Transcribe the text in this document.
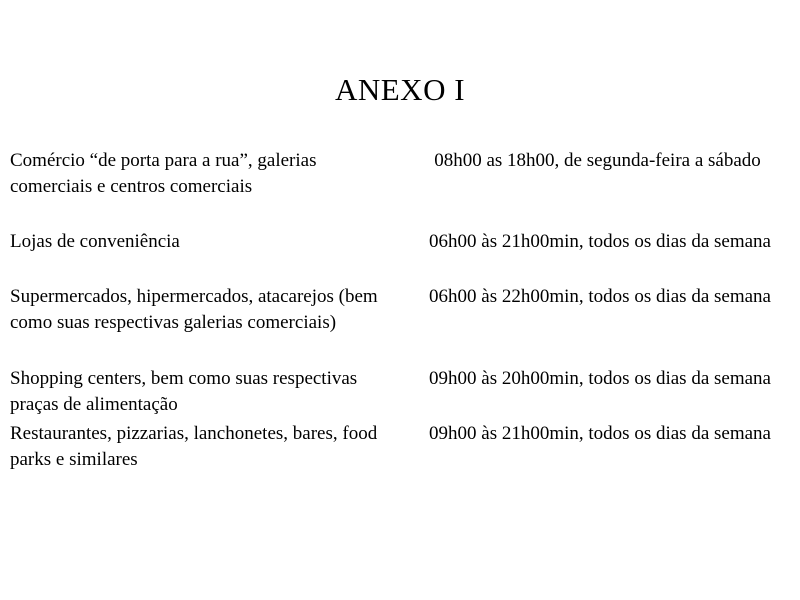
ANEXO I
Comércio “de porta para a rua”, galerias comerciais e centros comerciais
08h00 as 18h00, de segunda-feira a sábado
Lojas de conveniência	06h00 às 21h00min, todos os dias da semana
Supermercados, hipermercados, atacarejos (bem como suas respectivas galerias comerciais)
06h00 às 22h00min, todos os dias da semana
Shopping centers, bem como suas respectivas praças de alimentação
09h00 às 20h00min, todos os dias da semana
Restaurantes, pizzarias, lanchonetes, bares, food parks e similares
09h00 às 21h00min, todos os dias da semana
